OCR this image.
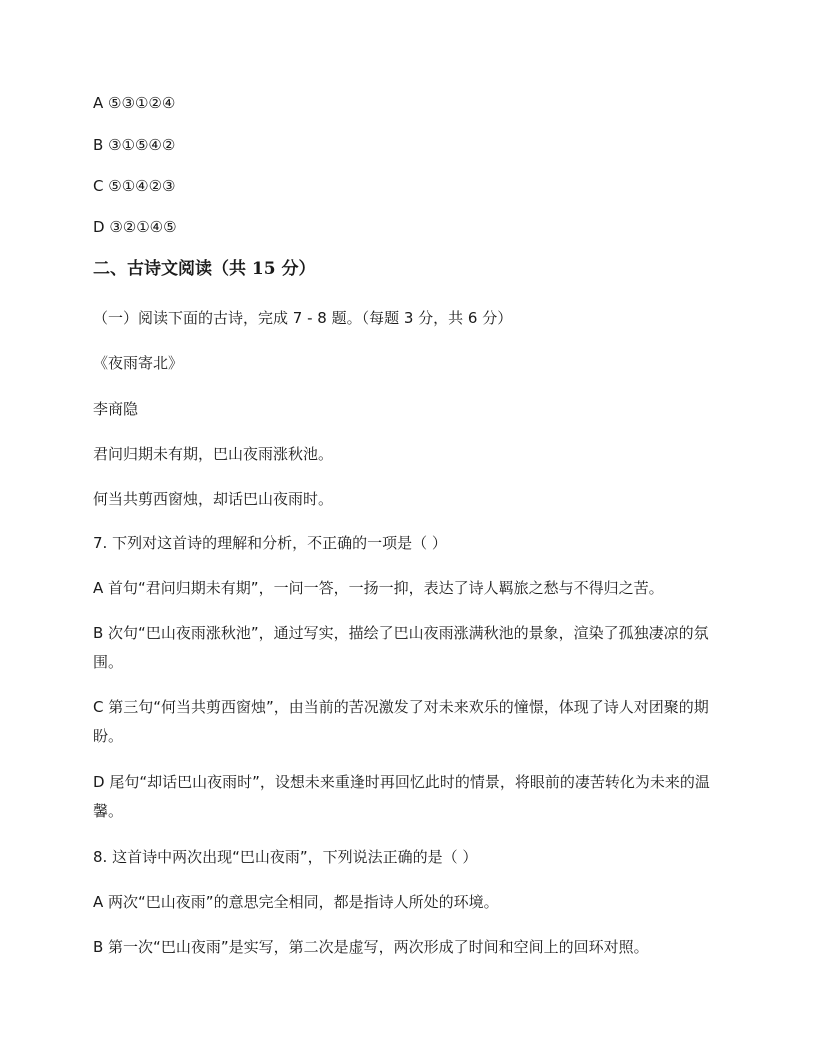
A ⑤③①②④
B ③①⑤④②
C ⑤①④②③
D ③②①④⑤
二、古诗文阅读（共 15 分）
（一）阅读下面的古诗，完成 7 - 8 题。（每题 3 分，共 6 分）
《夜雨寄北》
李商隐
君问归期未有期，巴山夜雨涨秋池。
何当共剪西窗烛，却话巴山夜雨时。
7. 下列对这首诗的理解和分析，不正确的一项是（ ）
A 首句“君问归期未有期”，一问一答，一扬一抑，表达了诗人羁旅之愁与不得归之苦。
B 次句“巴山夜雨涨秋池”，通过写实，描绘了巴山夜雨涨满秋池的景象，渲染了孤独凄凉的氛围。
C 第三句“何当共剪西窗烛”，由当前的苦况激发了对未来欢乐的憧憬，体现了诗人对团聚的期盼。
D 尾句“却话巴山夜雨时”，设想未来重逢时再回忆此时的情景，将眼前的凄苦转化为未来的温馨。
8. 这首诗中两次出现“巴山夜雨”，下列说法正确的是（ ）
A 两次“巴山夜雨”的意思完全相同，都是指诗人所处的环境。
B 第一次“巴山夜雨”是实写，第二次是虚写，两次形成了时间和空间上的回环对照。
